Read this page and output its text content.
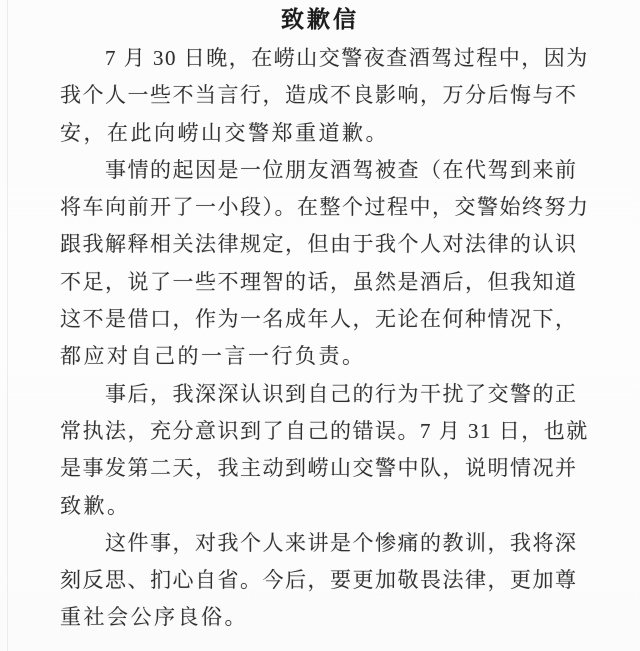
致歉信
7 月 30 日晚，在崂山交警夜查酒驾过程中，因为
我个人一些不当言行，造成不良影响，万分后悔与不
安，在此向崂山交警郑重道歉。
事情的起因是一位朋友酒驾被查（在代驾到来前
将车向前开了一小段）。在整个过程中，交警始终努力
跟我解释相关法律规定，但由于我个人对法律的认识
不足，说了一些不理智的话，虽然是酒后，但我知道
这不是借口，作为一名成年人，无论在何种情况下，
都应对自己的一言一行负责。
事后，我深深认识到自己的行为干扰了交警的正
常执法，充分意识到了自己的错误。7 月 31 日，也就
是事发第二天，我主动到崂山交警中队，说明情况并
致歉。
这件事，对我个人来讲是个惨痛的教训，我将深
刻反思、扪心自省。今后，要更加敬畏法律，更加尊
重社会公序良俗。
